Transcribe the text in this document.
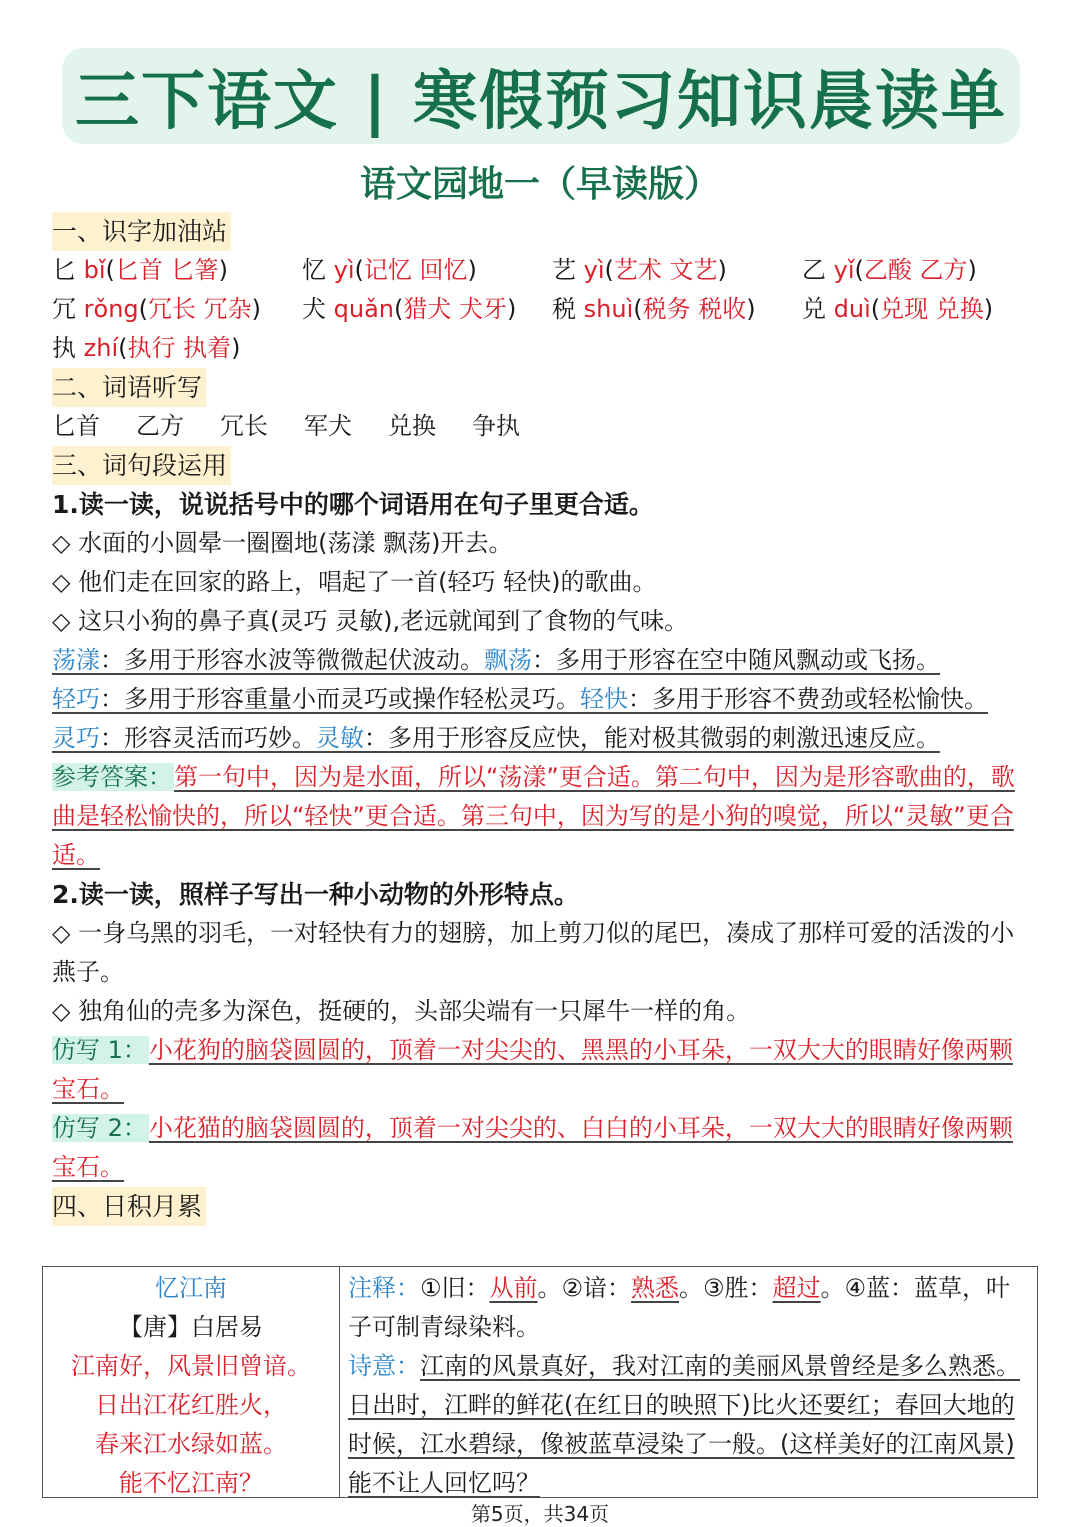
三下语文 | 寒假预习知识晨读单
语文园地一（早读版）
一、识字加油站
匕 bǐ(匕首 匕箸)	忆 yì(记忆 回忆)	艺 yì(艺术 文艺)	乙 yǐ(乙酸 乙方)
冗 rǒng(冗长 冗杂)	犬 quǎn(猎犬 犬牙)	税 shuì(税务 税收)	兑 duì(兑现 兑换)
执 zhí(执行 执着)
二、词语听写
匕首 乙方 冗长 军犬 兑换 争执
三、词句段运用
1.读一读，说说括号中的哪个词语用在句子里更合适。
◇ 水面的小圆晕一圈圈地(荡漾 飘荡)开去。
◇ 他们走在回家的路上，唱起了一首(轻巧 轻快)的歌曲。
◇ 这只小狗的鼻子真(灵巧 灵敏),老远就闻到了食物的气味。
荡漾：多用于形容水波等微微起伏波动。飘荡：多用于形容在空中随风飘动或飞扬。
轻巧：多用于形容重量小而灵巧或操作轻松灵巧。轻快：多用于形容不费劲或轻松愉快。
灵巧：形容灵活而巧妙。灵敏：多用于形容反应快，能对极其微弱的刺激迅速反应。
参考答案：第一句中，因为是水面，所以“荡漾”更合适。第二句中，因为是形容歌曲的，歌曲是轻松愉快的，所以“轻快”更合适。第三句中，因为写的是小狗的嗅觉，所以“灵敏”更合适。
2.读一读，照样子写出一种小动物的外形特点。
◇ 一身乌黑的羽毛，一对轻快有力的翅膀，加上剪刀似的尾巴，凑成了那样可爱的活泼的小燕子。
◇ 独角仙的壳多为深色，挺硬的，头部尖端有一只犀牛一样的角。
仿写 1：小花狗的脑袋圆圆的，顶着一对尖尖的、黑黑的小耳朵，一双大大的眼睛好像两颗宝石。
仿写 2：小花猫的脑袋圆圆的，顶着一对尖尖的、白白的小耳朵，一双大大的眼睛好像两颗宝石。
四、日积月累
忆江南
【唐】白居易
江南好，风景旧曾谙。
日出江花红胜火，
春来江水绿如蓝。
能不忆江南？
注释：①旧：从前。②谙：熟悉。③胜：超过。④蓝：蓝草，叶子可制青绿染料。
诗意：江南的风景真好，我对江南的美丽风景曾经是多么熟悉。日出时，江畔的鲜花(在红日的映照下)比火还要红；春回大地的时候，江水碧绿，像被蓝草浸染了一般。(这样美好的江南风景)能不让人回忆吗？
第5页，共34页
